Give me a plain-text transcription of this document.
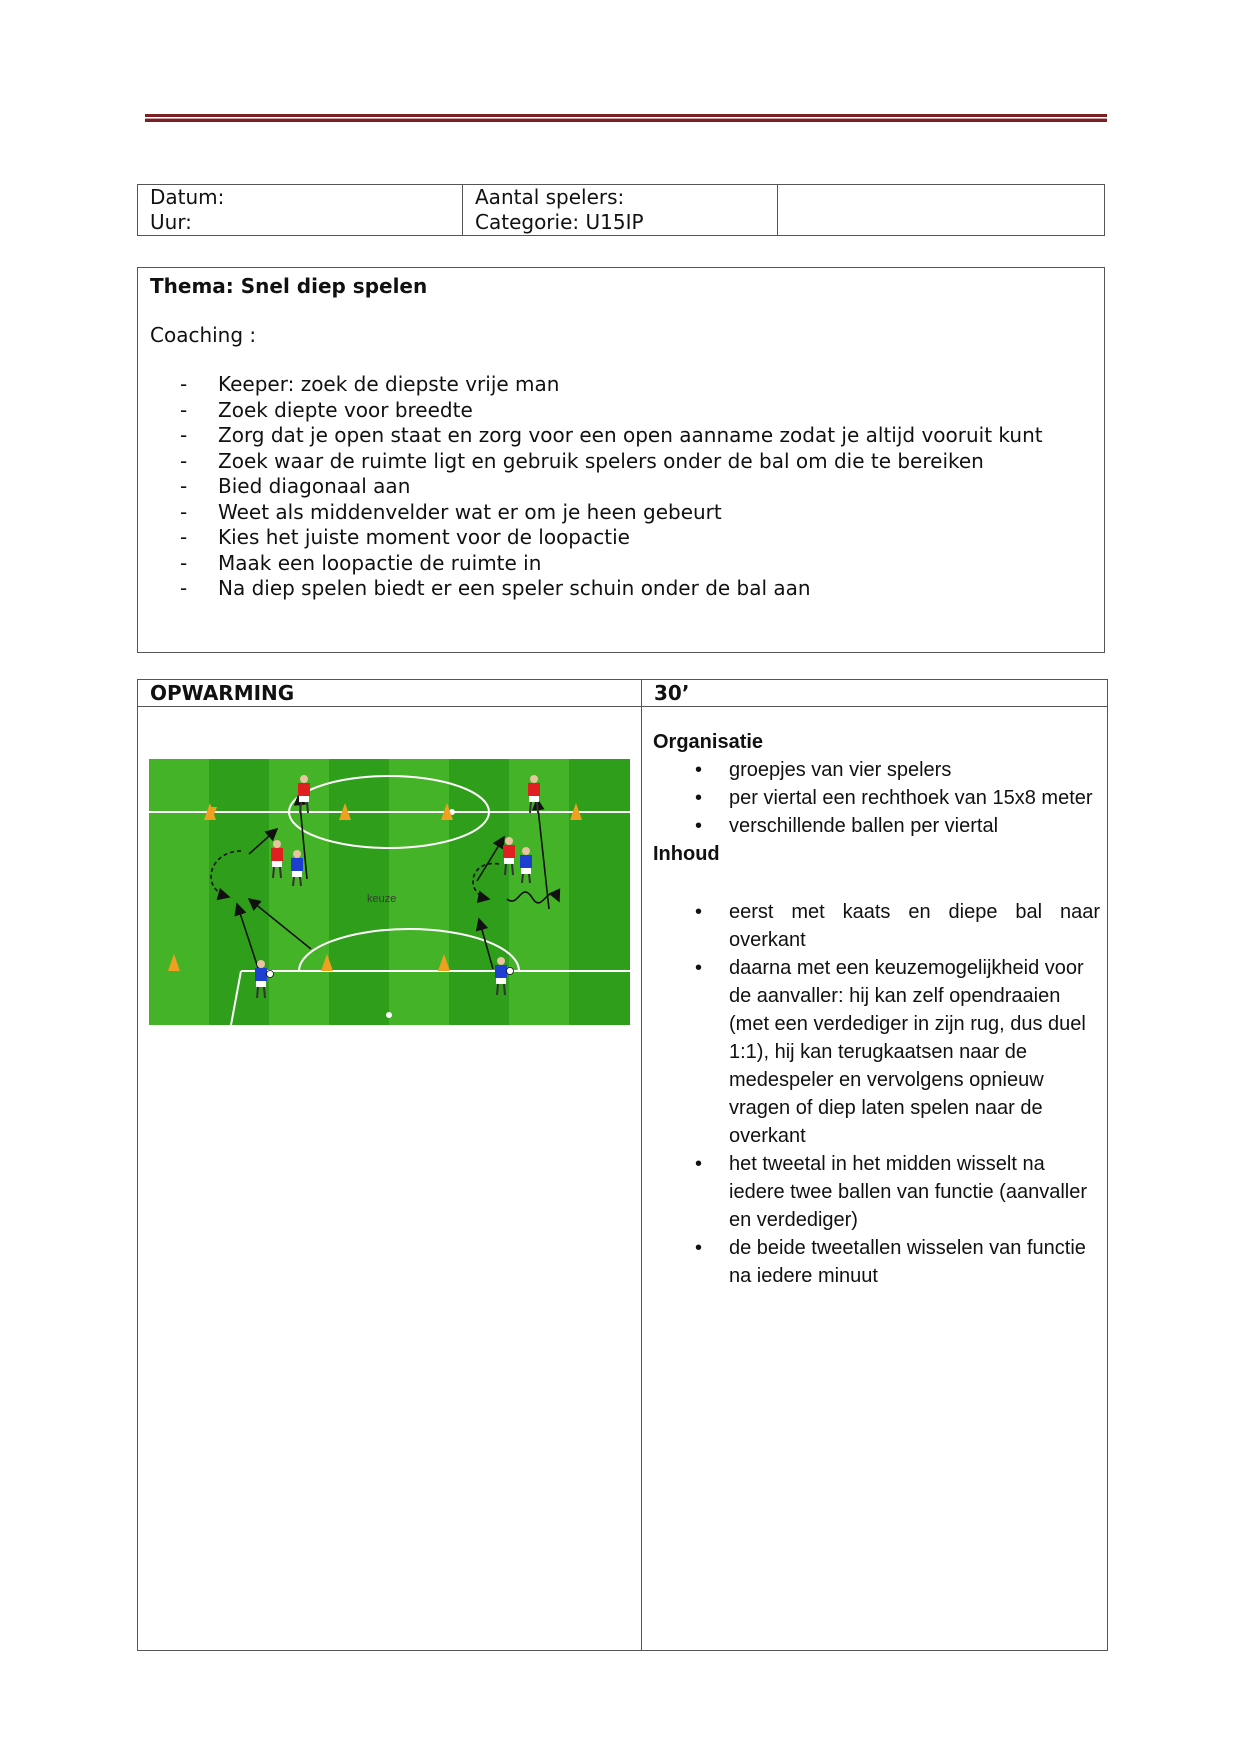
Datum:
Uur:

Aantal spelers:
Categorie: U15IP

Thema: Snel diep spelen
Coaching :
- Keeper: zoek de diepste vrije man
- Zoek diepte voor breedte
- Zorg dat je open staat en zorg voor een open aanname zodat je altijd vooruit kunt
- Zoek waar de ruimte ligt en gebruik spelers onder de bal om die te bereiken
- Bied diagonaal aan
- Weet als middenvelder wat er om je heen gebeurt
- Kies het juiste moment voor de loopactie
- Maak een loopactie de ruimte in
- Na diep spelen biedt er een speler schuin onder de bal aan
OPWARMING	30’
keuze
Organisatie
• groepjes van vier spelers
• per viertal een rechthoek van 15x8 meter
• verschillende ballen per viertal
Inhoud
• eerst met kaats en diepe bal naar overkant
• daarna met een keuzemogelijkheid voor de aanvaller: hij kan zelf opendraaien (met een verdediger in zijn rug, dus duel 1:1), hij kan terugkaatsen naar de medespeler en vervolgens opnieuw vragen of diep laten spelen naar de overkant
• het tweetal in het midden wisselt na iedere twee ballen van functie (aanvaller en verdediger)
• de beide tweetallen wisselen van functie na iedere minuut
